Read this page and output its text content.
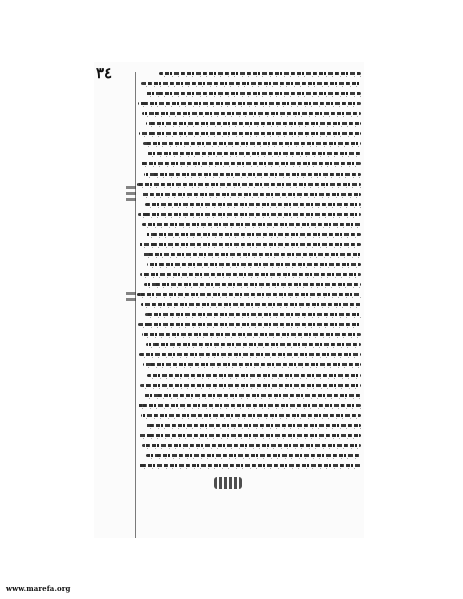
٣٤
www.marefa.org
